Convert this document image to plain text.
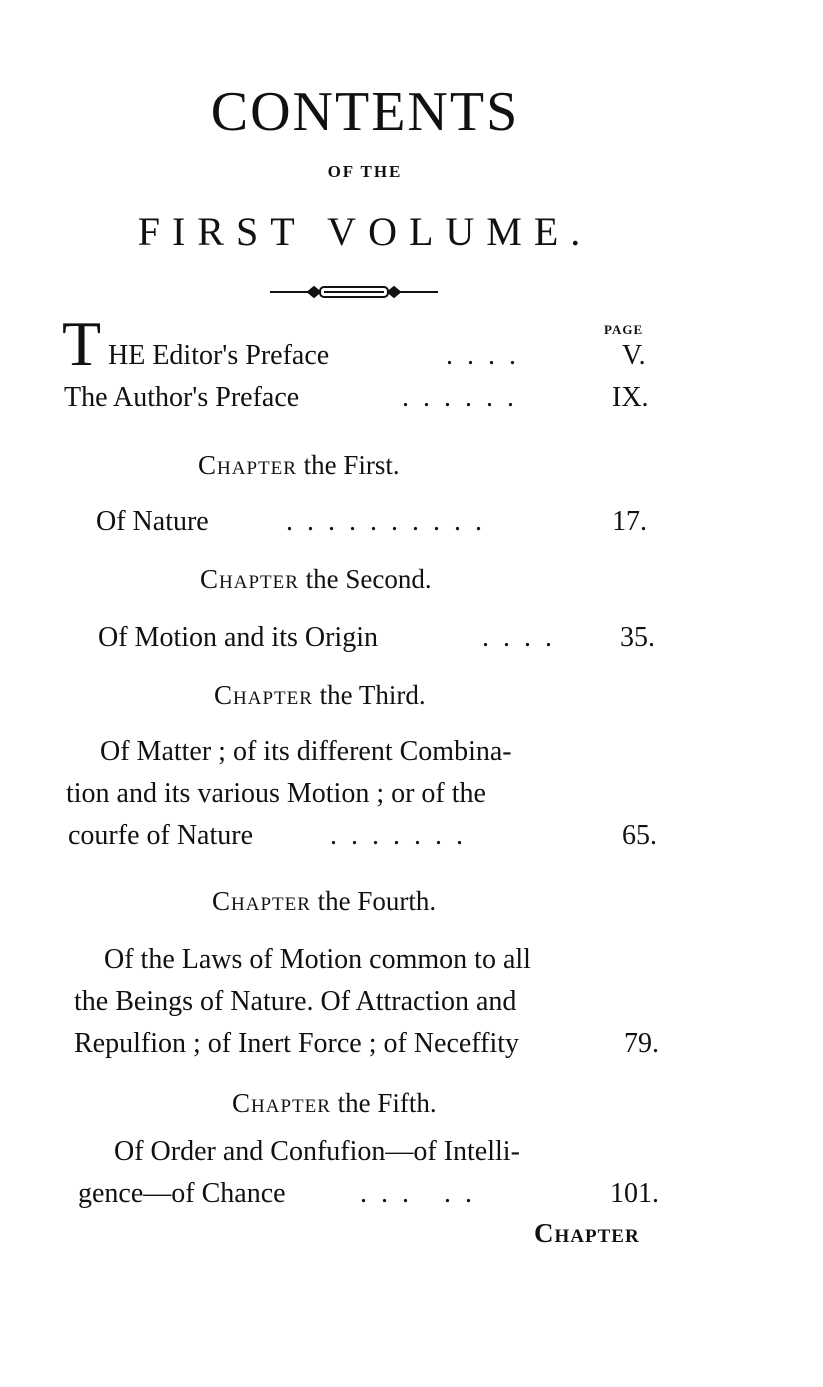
CONTENTS
OF THE
FIRST VOLUME.
PAGE
T HE Editor's Preface	....	V.
The Author's Preface	......	IX.
Chapter the First.
Of Nature	..........	17.
Chapter the Second.
Of Motion and its Origin	.... 35.
Chapter the Third.
Of Matter ; of its different Combina-
tion and its various Motion ; or of the
courfe of Nature	.......	65.
Chapter the Fourth.
Of the Laws of Motion common to all
the Beings of Nature. Of Attraction and
Repulfion ; of Inert Force ; of Neceffity	79.
Chapter the Fifth.
Of Order and Confufion—of Intelli-
gence—of Chance	... ..	101.
Chapter
